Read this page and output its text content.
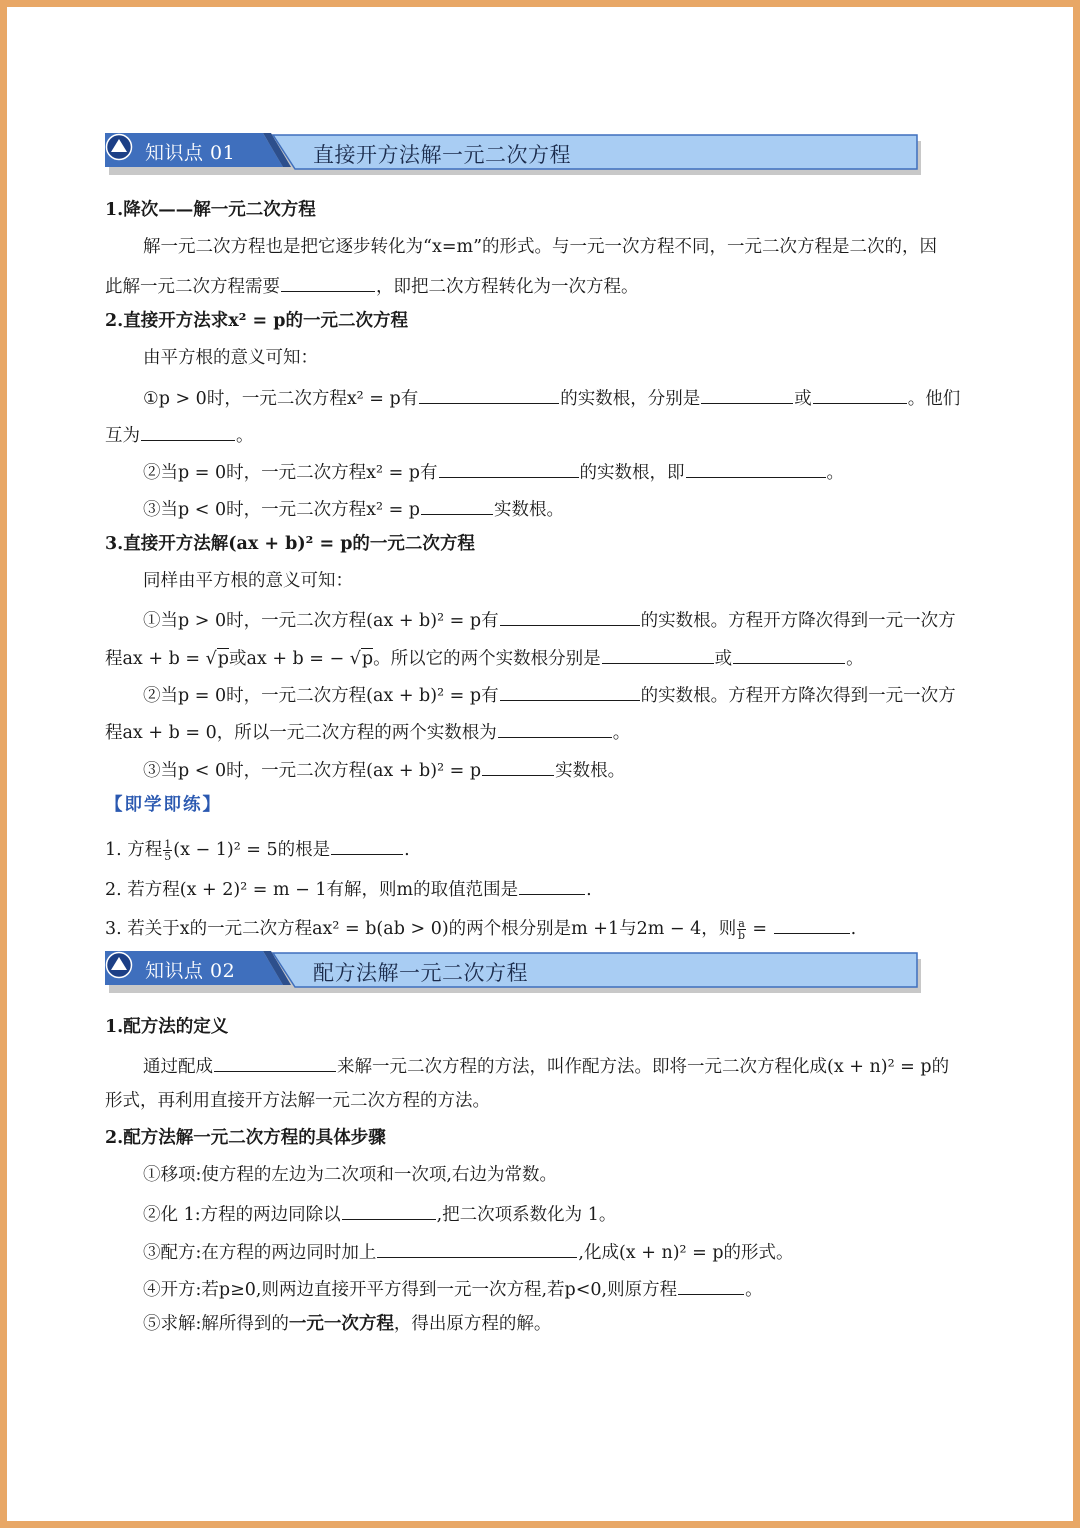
知识点 01	直接开方法解一元二次方程
1.降次——解一元二次方程
解一元二次方程也是把它逐步转化为“x=m”的形式。与一元一次方程不同，一元二次方程是二次的，因
此解一元二次方程需要	，即把二次方程转化为一次方程。
2.直接开方法求x² = p的一元二次方程
由平方根的意义可知：
①p > 0时，一元二次方程x² = p有	的实数根，分别是	或	。他们
互为	。
②当p = 0时，一元二次方程x² = p有	的实数根，即	。
③当p < 0时，一元二次方程x² = p	实数根。
3.直接开方法解(ax + b)² = p的一元二次方程
同样由平方根的意义可知：
①当p > 0时，一元二次方程(ax + b)² = p有	的实数根。方程开方降次得到一元一次方
程ax + b = √p或ax + b = − √p。所以它的两个实数根分别是	或	。
②当p = 0时，一元二次方程(ax + b)² = p有	的实数根。方程开方降次得到一元一次方
程ax + b = 0，所以一元二次方程的两个实数根为	。
③当p < 0时，一元二次方程(ax + b)² = p	实数根。
【即学即练】
1. 方程 $\frac{1}{5} (x - 1)^2 = 5$的根是	.
2. 若方程(x + 2)² = m − 1有解，则m的取值范围是	.
3. 若关于x的一元二次方程ax² = b(ab > 0)的两个根分别是m +1与2m − 4，则 $\frac{a}{b}$ =	.
知识点 02	配方法解一元二次方程
1.配方法的定义
通过配成	来解一元二次方程的方法，叫作配方法。即将一元二次方程化成(x + n)² = p的
形式，再利用直接开方法解一元二次方程的方法。
2.配方法解一元二次方程的具体步骤
①移项:使方程的左边为二次项和一次项,右边为常数。
②化 1:方程的两边同除以	,把二次项系数化为 1。
③配方:在方程的两边同时加上	,化成(x + n)² = p的形式。
④开方:若p≥0,则两边直接开平方得到一元一次方程,若p<0,则原方程	。
⑤求解:解所得到的一元一次方程，得出原方程的解。
